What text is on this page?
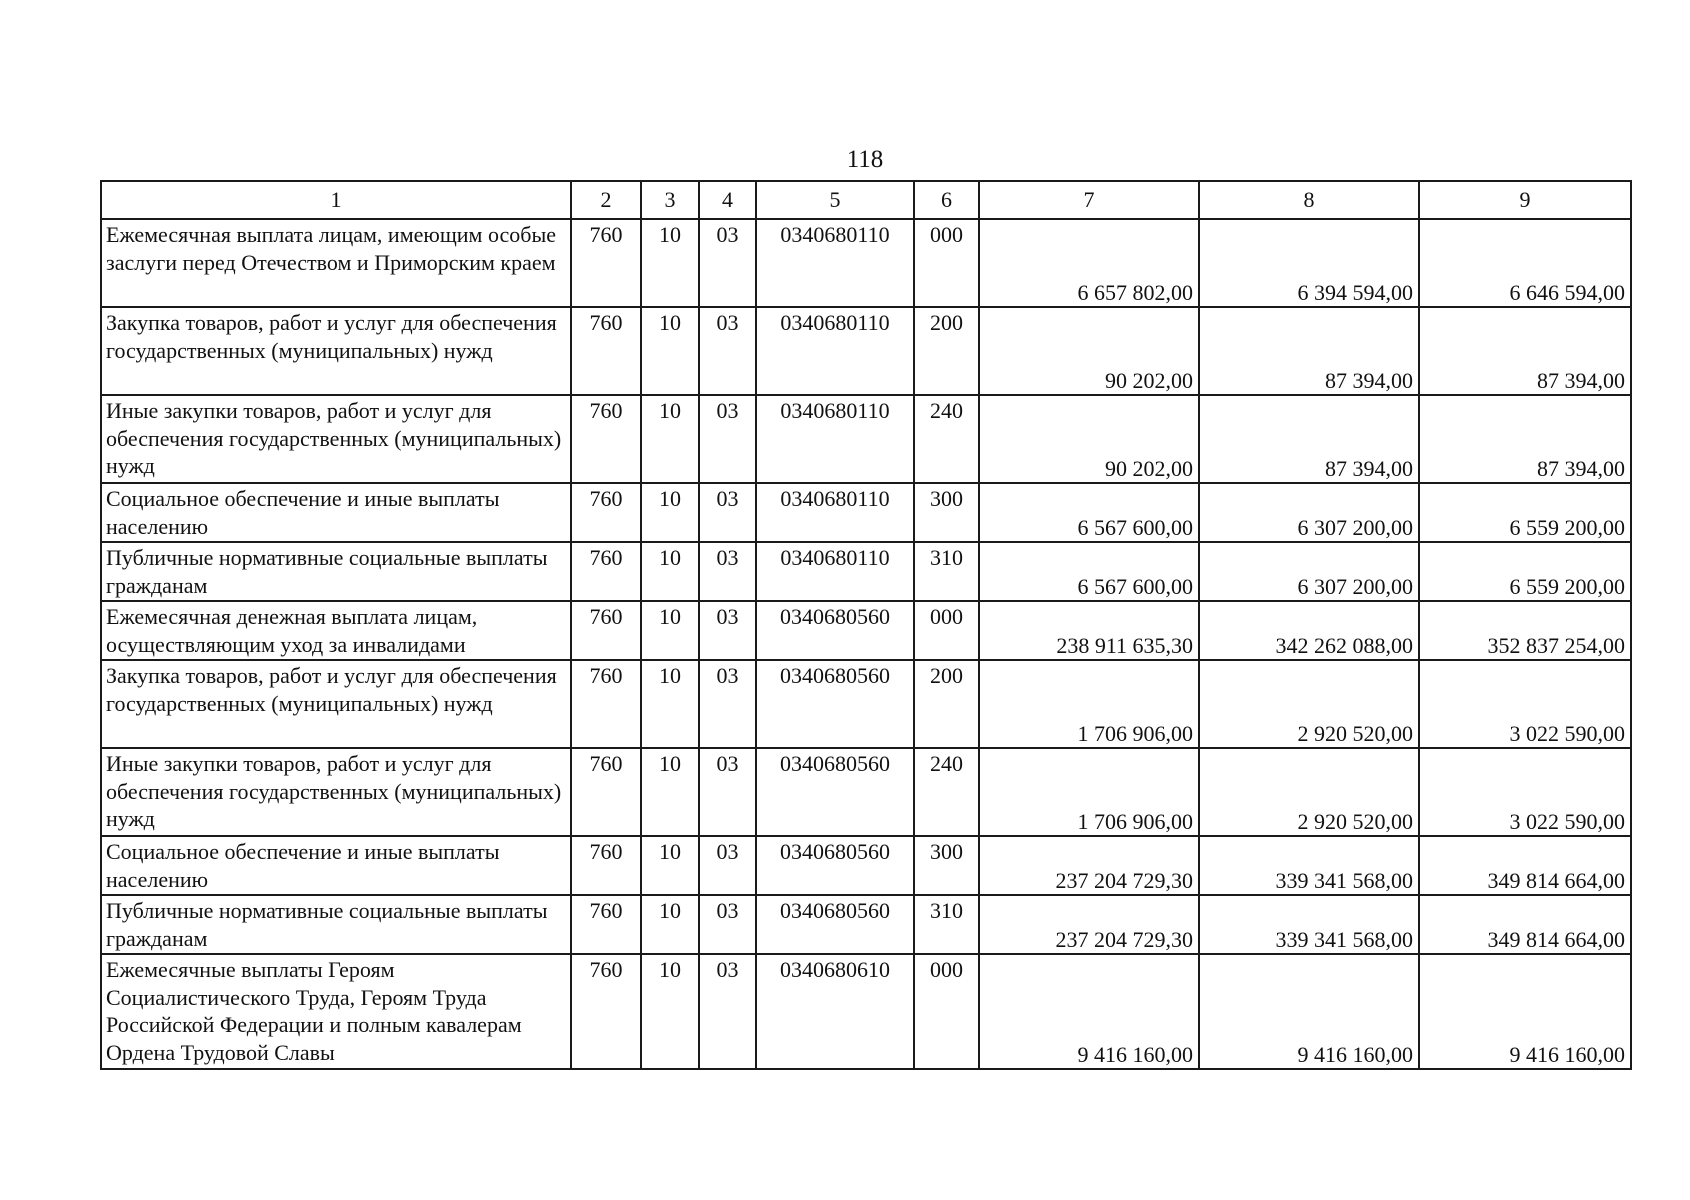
118
1	2	3	4	5	6	7	8	9
Ежемесячная выплата лицам, имеющим особые заслуги перед Отечеством и Приморским краем	760	10	03	0340680110	000	6 657 802,00	6 394 594,00	6 646 594,00
Закупка товаров, работ и услуг для обеспечения государственных (муниципальных) нужд	760	10	03	0340680110	200	90 202,00	87 394,00	87 394,00
Иные закупки товаров, работ и услуг для обеспечения государственных (муниципальных) нужд	760	10	03	0340680110	240	90 202,00	87 394,00	87 394,00
Социальное обеспечение и иные выплаты населению	760	10	03	0340680110	300	6 567 600,00	6 307 200,00	6 559 200,00
Публичные нормативные социальные выплаты гражданам	760	10	03	0340680110	310	6 567 600,00	6 307 200,00	6 559 200,00
Ежемесячная денежная выплата лицам, осуществляющим уход за инвалидами	760	10	03	0340680560	000	238 911 635,30	342 262 088,00	352 837 254,00
Закупка товаров, работ и услуг для обеспечения государственных (муниципальных) нужд	760	10	03	0340680560	200	1 706 906,00	2 920 520,00	3 022 590,00
Иные закупки товаров, работ и услуг для обеспечения государственных (муниципальных) нужд	760	10	03	0340680560	240	1 706 906,00	2 920 520,00	3 022 590,00
Социальное обеспечение и иные выплаты населению	760	10	03	0340680560	300	237 204 729,30	339 341 568,00	349 814 664,00
Публичные нормативные социальные выплаты гражданам	760	10	03	0340680560	310	237 204 729,30	339 341 568,00	349 814 664,00
Ежемесячные выплаты Героям Социалистического Труда, Героям Труда Российской Федерации и полным кавалерам Ордена Трудовой Славы	760	10	03	0340680610	000	9 416 160,00	9 416 160,00	9 416 160,00
